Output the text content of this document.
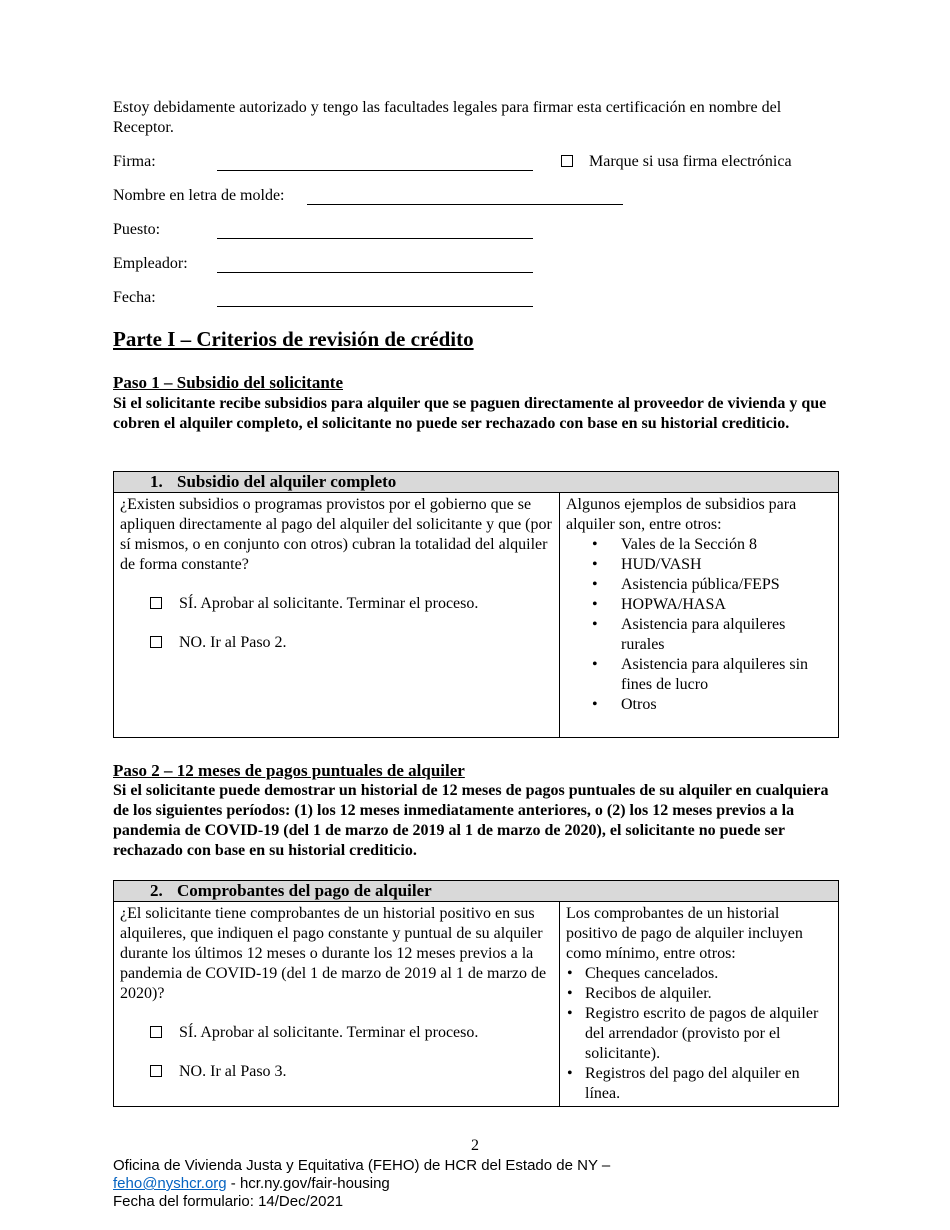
Estoy debidamente autorizado y tengo las facultades legales para firmar esta certificación en nombre del Receptor.
Firma:	Marque si usa firma electrónica
Nombre en letra de molde:
Puesto:
Empleador:
Fecha:
Parte I – Criterios de revisión de crédito
Paso 1 – Subsidio del solicitante
Si el solicitante recibe subsidios para alquiler que se paguen directamente al proveedor de vivienda y que cobren el alquiler completo, el solicitante no puede ser rechazado con base en su historial crediticio.
1. Subsidio del alquiler completo

¿Existen subsidios o programas provistos por el gobierno que se apliquen directamente al pago del alquiler del solicitante y que (por sí mismos, o en conjunto con otros) cubran la totalidad del alquiler de forma constante?
SÍ. Aprobar al solicitante. Terminar el proceso.
NO. Ir al Paso 2.

Algunos ejemplos de subsidios para alquiler son, entre otros:
• Vales de la Sección 8
• HUD/VASH
• Asistencia pública/FEPS
• HOPWA/HASA
• Asistencia para alquileres rurales
• Asistencia para alquileres sin fines de lucro
• Otros
Paso 2 – 12 meses de pagos puntuales de alquiler
Si el solicitante puede demostrar un historial de 12 meses de pagos puntuales de su alquiler en cualquiera de los siguientes períodos: (1) los 12 meses inmediatamente anteriores, o (2) los 12 meses previos a la pandemia de COVID-19 (del 1 de marzo de 2019 al 1 de marzo de 2020), el solicitante no puede ser rechazado con base en su historial crediticio.
2. Comprobantes del pago de alquiler

¿El solicitante tiene comprobantes de un historial positivo en sus alquileres, que indiquen el pago constante y puntual de su alquiler durante los últimos 12 meses o durante los 12 meses previos a la pandemia de COVID-19 (del 1 de marzo de 2019 al 1 de marzo de 2020)?
SÍ. Aprobar al solicitante. Terminar el proceso.
NO. Ir al Paso 3.

Los comprobantes de un historial positivo de pago de alquiler incluyen como mínimo, entre otros:
• Cheques cancelados.
• Recibos de alquiler.
• Registro escrito de pagos de alquiler del arrendador (provisto por el solicitante).
• Registros del pago del alquiler en línea.
2
Oficina de Vivienda Justa y Equitativa (FEHO) de HCR del Estado de NY –
feho@nyshcr.org - hcr.ny.gov/fair-housing
Fecha del formulario: 14/Dec/2021
